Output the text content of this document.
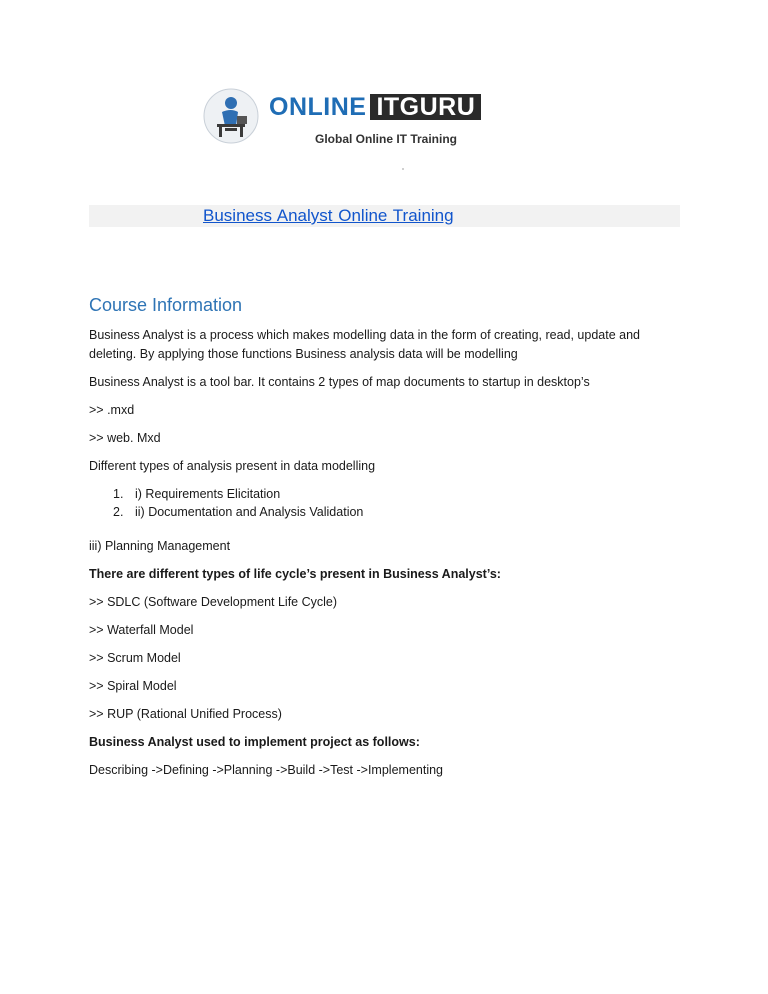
ONLINE ITGURU
Global Online IT Training
Business Analyst Online Training
Course Information

Business Analyst is a process which makes modelling data in the form of creating, read, update and deleting. By applying those functions Business analysis data will be modelling

Business Analyst is a tool bar. It contains 2 types of map documents to startup in desktop’s

>> .mxd

>> web. Mxd

Different types of analysis present in data modelling

1. i) Requirements Elicitation
2. ii) Documentation and Analysis Validation

iii) Planning Management

There are different types of life cycle’s present in Business Analyst’s:

>> SDLC (Software Development Life Cycle)

>> Waterfall Model

>> Scrum Model

>> Spiral Model

>> RUP (Rational Unified Process)

Business Analyst used to implement project as follows:

Describing ->Defining ->Planning ->Build ->Test ->Implementing
